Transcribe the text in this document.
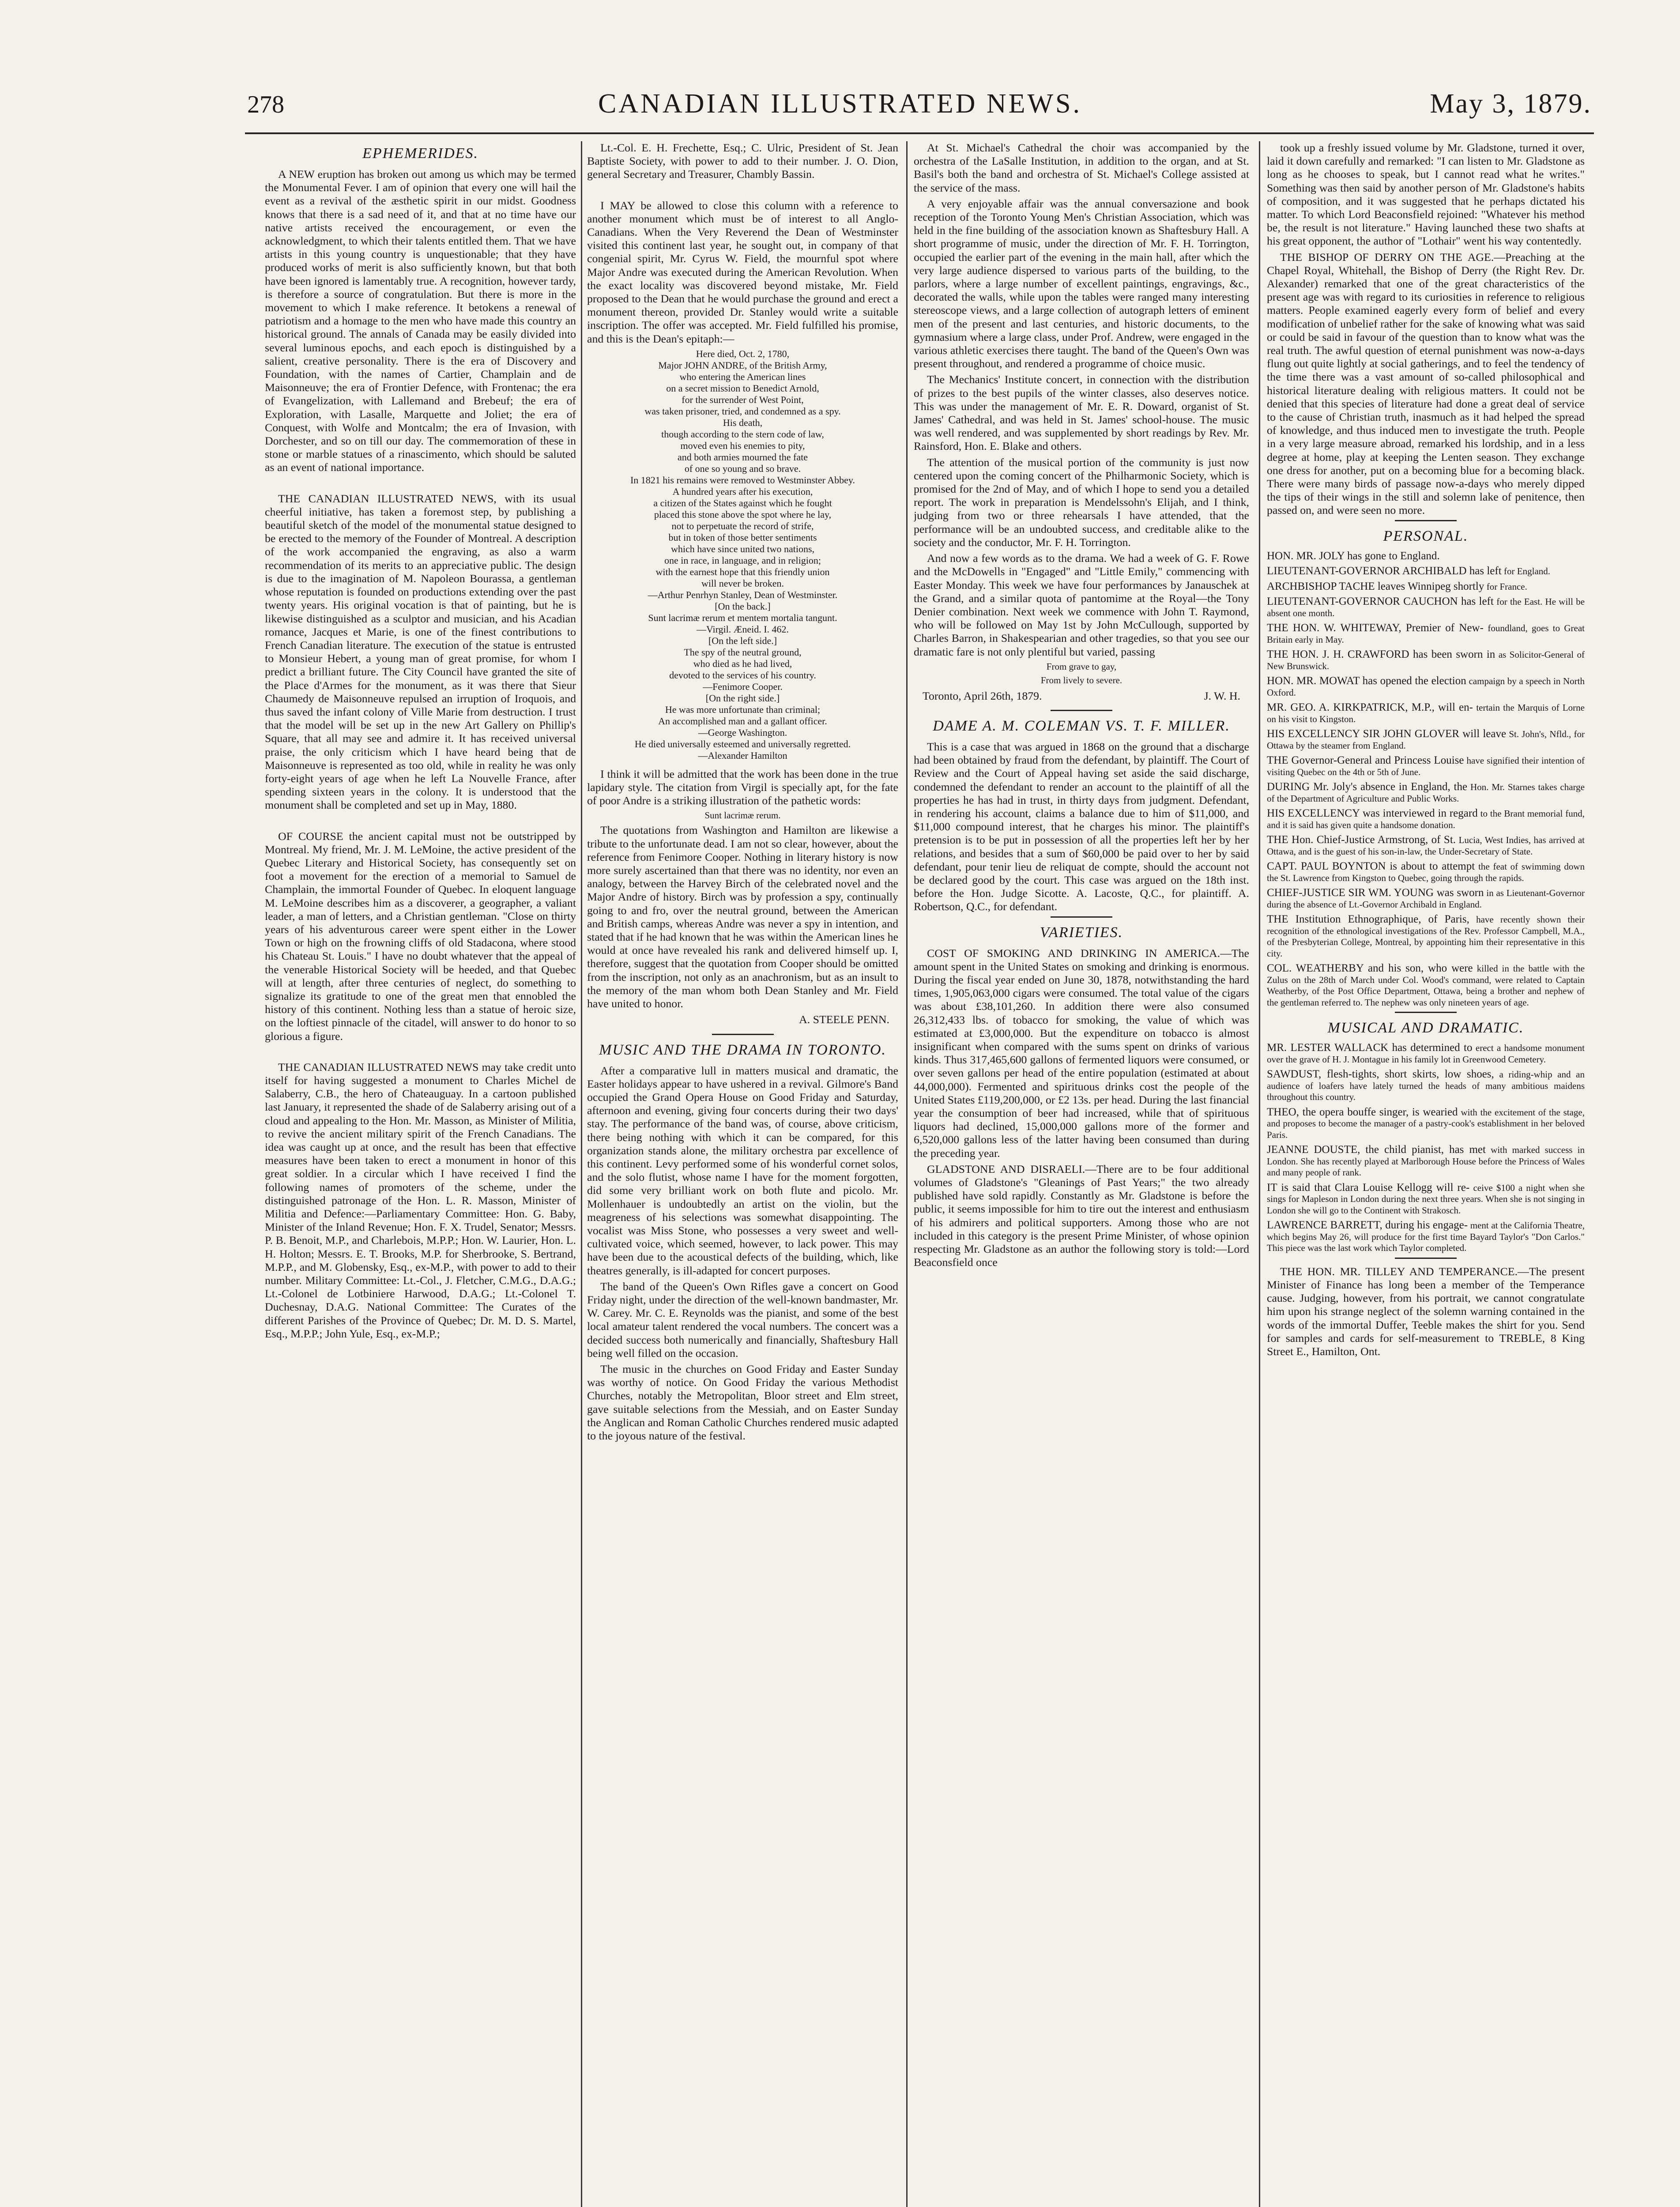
278	CANADIAN ILLUSTRATED NEWS.	May 3, 1879.
EPHEMERIDES.

A NEW eruption has broken out among us which may be termed the Monumental Fever. I am of opinion that every one will hail the event as a revival of the æsthetic spirit in our midst. Goodness knows that there is a sad need of it, and that at no time have our native artists received the encouragement, or even the acknowledgment, to which their talents entitled them. That we have artists in this young country is unquestionable; that they have produced works of merit is also sufficiently known, but that both have been ignored is lamentably true. A recognition, however tardy, is therefore a source of congratulation. But there is more in the movement to which I make reference. It betokens a renewal of patriotism and a homage to the men who have made this country an historical ground. The annals of Canada may be easily divided into several luminous epochs, and each epoch is distinguished by a salient, creative personality. There is the era of Discovery and Foundation, with the names of Cartier, Champlain and de Maisonneuve; the era of Frontier Defence, with Frontenac; the era of Evangelization, with Lallemand and Brebeuf; the era of Exploration, with Lasalle, Marquette and Joliet; the era of Conquest, with Wolfe and Montcalm; the era of Invasion, with Dorchester, and so on till our day. The commemoration of these in stone or marble statues of a rinascimento, which should be saluted as an event of national importance.

THE CANADIAN ILLUSTRATED NEWS, with its usual cheerful initiative, has taken a foremost step, by publishing a beautiful sketch of the model of the monumental statue designed to be erected to the memory of the Founder of Montreal. A description of the work accompanied the engraving, as also a warm recommendation of its merits to an appreciative public. The design is due to the imagination of M. Napoleon Bourassa, a gentleman whose reputation is founded on productions extending over the past twenty years. His original vocation is that of painting, but he is likewise distinguished as a sculptor and musician, and his Acadian romance, Jacques et Marie, is one of the finest contributions to French Canadian literature. The execution of the statue is entrusted to Monsieur Hebert, a young man of great promise, for whom I predict a brilliant future. The City Council have granted the site of the Place d'Armes for the monument, as it was there that Sieur Chaumedy de Maisonneuve repulsed an irruption of Iroquois, and thus saved the infant colony of Ville Marie from destruction. I trust that the model will be set up in the new Art Gallery on Phillip's Square, that all may see and admire it. It has received universal praise, the only criticism which I have heard being that de Maisonneuve is represented as too old, while in reality he was only forty-eight years of age when he left La Nouvelle France, after spending sixteen years in the colony. It is understood that the monument shall be completed and set up in May, 1880.

OF COURSE the ancient capital must not be outstripped by Montreal. My friend, Mr. J. M. LeMoine, the active president of the Quebec Literary and Historical Society, has consequently set on foot a movement for the erection of a memorial to Samuel de Champlain, the immortal Founder of Quebec. In eloquent language M. LeMoine describes him as a discoverer, a geographer, a valiant leader, a man of letters, and a Christian gentleman. "Close on thirty years of his adventurous career were spent either in the Lower Town or high on the frowning cliffs of old Stadacona, where stood his Chateau St. Louis." I have no doubt whatever that the appeal of the venerable Historical Society will be heeded, and that Quebec will at length, after three centuries of neglect, do something to signalize its gratitude to one of the great men that ennobled the history of this continent. Nothing less than a statue of heroic size, on the loftiest pinnacle of the citadel, will answer to do honor to so glorious a figure.

THE CANADIAN ILLUSTRATED NEWS may take credit unto itself for having suggested a monument to Charles Michel de Salaberry, C.B., the hero of Chateauguay. In a cartoon published last January, it represented the shade of de Salaberry arising out of a cloud and appealing to the Hon. Mr. Masson, as Minister of Militia, to revive the ancient military spirit of the French Canadians. The idea was caught up at once, and the result has been that effective measures have been taken to erect a monument in honor of this great soldier. In a circular which I have received I find the following names of promoters of the scheme, under the distinguished patronage of the Hon. L. R. Masson, Minister of Militia and Defence:—Parliamentary Committee: Hon. G. Baby, Minister of the Inland Revenue; Hon. F. X. Trudel, Senator; Messrs. P. B. Benoit, M.P., and Charlebois, M.P.P.; Hon. W. Laurier, Hon. L. H. Holton; Messrs. E. T. Brooks, M.P. for Sherbrooke, S. Bertrand, M.P.P., and M. Globensky, Esq., ex-M.P., with power to add to their number. Military Committee: Lt.-Col., J. Fletcher, C.M.G., D.A.G.; Lt.-Colonel de Lotbiniere Harwood, D.A.G.; Lt.-Colonel T. Duchesnay, D.A.G. National Committee: The Curates of the different Parishes of the Province of Quebec; Dr. M. D. S. Martel, Esq., M.P.P.; John Yule, Esq., ex-M.P.;

Lt.-Col. E. H. Frechette, Esq.; C. Ulric, President of St. Jean Baptiste Society, with power to add to their number. J. O. Dion, general Secretary and Treasurer, Chambly Bassin.

I MAY be allowed to close this column with a reference to another monument which must be of interest to all Anglo-Canadians. When the Very Reverend the Dean of Westminster visited this continent last year, he sought out, in company of that congenial spirit, Mr. Cyrus W. Field, the mournful spot where Major Andre was executed during the American Revolution. When the exact locality was discovered beyond mistake, Mr. Field proposed to the Dean that he would purchase the ground and erect a monument thereon, provided Dr. Stanley would write a suitable inscription. The offer was accepted. Mr. Field fulfilled his promise, and this is the Dean's epitaph:—

Here died, Oct. 2, 1780,

Major JOHN ANDRE, of the British Army,

who entering the American lines

on a secret mission to Benedict Arnold,

for the surrender of West Point,

was taken prisoner, tried, and condemned as a spy.

His death,

though according to the stern code of law,

moved even his enemies to pity,

and both armies mourned the fate

of one so young and so brave.

In 1821 his remains were removed to Westminster Abbey.

A hundred years after his execution,

a citizen of the States against which he fought

placed this stone above the spot where he lay,

not to perpetuate the record of strife,

but in token of those better sentiments

which have since united two nations,

one in race, in language, and in religion;

with the earnest hope that this friendly union

will never be broken.

—Arthur Penrhyn Stanley, Dean of Westminster.

[On the back.]

Sunt lacrimæ rerum et mentem mortalia tangunt.

—Virgil. Æneid. I. 462.

[On the left side.]

The spy of the neutral ground,

who died as he had lived,

devoted to the services of his country.

—Fenimore Cooper.

[On the right side.]

He was more unfortunate than criminal;

An accomplished man and a gallant officer.

—George Washington.

He died universally esteemed and universally regretted.

—Alexander Hamilton

I think it will be admitted that the work has been done in the true lapidary style. The citation from Virgil is specially apt, for the fate of poor Andre is a striking illustration of the pathetic words:

Sunt lacrimæ rerum.

The quotations from Washington and Hamilton are likewise a tribute to the unfortunate dead. I am not so clear, however, about the reference from Fenimore Cooper. Nothing in literary history is now more surely ascertained than that there was no identity, nor even an analogy, between the Harvey Birch of the celebrated novel and the Major Andre of history. Birch was by profession a spy, continually going to and fro, over the neutral ground, between the American and British camps, whereas Andre was never a spy in intention, and stated that if he had known that he was within the American lines he would at once have revealed his rank and delivered himself up. I, therefore, suggest that the quotation from Cooper should be omitted from the inscription, not only as an anachronism, but as an insult to the memory of the man whom both Dean Stanley and Mr. Field have united to honor.

A. STEELE PENN.
MUSIC AND THE DRAMA IN TORONTO.

After a comparative lull in matters musical and dramatic, the Easter holidays appear to have ushered in a revival. Gilmore's Band occupied the Grand Opera House on Good Friday and Saturday, afternoon and evening, giving four concerts during their two days' stay. The performance of the band was, of course, above criticism, there being nothing with which it can be compared, for this organization stands alone, the military orchestra par excellence of this continent. Levy performed some of his wonderful cornet solos, and the solo flutist, whose name I have for the moment forgotten, did some very brilliant work on both flute and picolo. Mr. Mollenhauer is undoubtedly an artist on the violin, but the meagreness of his selections was somewhat disappointing. The vocalist was Miss Stone, who possesses a very sweet and well-cultivated voice, which seemed, however, to lack power. This may have been due to the acoustical defects of the building, which, like theatres generally, is ill-adapted for concert purposes.

The band of the Queen's Own Rifles gave a concert on Good Friday night, under the direction of the well-known bandmaster, Mr. W. Carey. Mr. C. E. Reynolds was the pianist, and some of the best local amateur talent rendered the vocal numbers. The concert was a decided success both numerically and financially, Shaftesbury Hall being well filled on the occasion.

The music in the churches on Good Friday and Easter Sunday was worthy of notice. On Good Friday the various Methodist Churches, notably the Metropolitan, Bloor street and Elm street, gave suitable selections from the Messiah, and on Easter Sunday the Anglican and Roman Catholic Churches rendered music adapted to the joyous nature of the festival.

At St. Michael's Cathedral the choir was accompanied by the orchestra of the LaSalle Institution, in addition to the organ, and at St. Basil's both the band and orchestra of St. Michael's College assisted at the service of the mass.

A very enjoyable affair was the annual conversazione and book reception of the Toronto Young Men's Christian Association, which was held in the fine building of the association known as Shaftesbury Hall. A short programme of music, under the direction of Mr. F. H. Torrington, occupied the earlier part of the evening in the main hall, after which the very large audience dispersed to various parts of the building, to the parlors, where a large number of excellent paintings, engravings, &c., decorated the walls, while upon the tables were ranged many interesting stereoscope views, and a large collection of autograph letters of eminent men of the present and last centuries, and historic documents, to the gymnasium where a large class, under Prof. Andrew, were engaged in the various athletic exercises there taught. The band of the Queen's Own was present throughout, and rendered a programme of choice music.

The Mechanics' Institute concert, in connection with the distribution of prizes to the best pupils of the winter classes, also deserves notice. This was under the management of Mr. E. R. Doward, organist of St. James' Cathedral, and was held in St. James' school-house. The music was well rendered, and was supplemented by short readings by Rev. Mr. Rainsford, Hon. E. Blake and others.

The attention of the musical portion of the community is just now centered upon the coming concert of the Philharmonic Society, which is promised for the 2nd of May, and of which I hope to send you a detailed report. The work in preparation is Mendelssohn's Elijah, and I think, judging from two or three rehearsals I have attended, that the performance will be an undoubted success, and creditable alike to the society and the conductor, Mr. F. H. Torrington.

And now a few words as to the drama. We had a week of G. F. Rowe and the McDowells in "Engaged" and "Little Emily," commencing with Easter Monday. This week we have four performances by Janauschek at the Grand, and a similar quota of pantomime at the Royal—the Tony Denier combination. Next week we commence with John T. Raymond, who will be followed on May 1st by John McCullough, supported by Charles Barron, in Shakespearian and other tragedies, so that you see our dramatic fare is not only plentiful but varied, passing

From grave to gay,
From lively to severe.
Toronto, April 26th, 1879.	J. W. H.
DAME A. M. COLEMAN VS. T. F. MILLER.

This is a case that was argued in 1868 on the ground that a discharge had been obtained by fraud from the defendant, by plaintiff. The Court of Review and the Court of Appeal having set aside the said discharge, condemned the defendant to render an account to the plaintiff of all the properties he has had in trust, in thirty days from judgment. Defendant, in rendering his account, claims a balance due to him of $11,000, and $11,000 compound interest, that he charges his minor. The plaintiff's pretension is to be put in possession of all the properties left her by her relations, and besides that a sum of $60,000 be paid over to her by said defendant, pour tenir lieu de reliquat de compte, should the account not be declared good by the court. This case was argued on the 18th inst. before the Hon. Judge Sicotte. A. Lacoste, Q.C., for plaintiff. A. Robertson, Q.C., for defendant.

VARIETIES.

COST OF SMOKING AND DRINKING IN AMERICA.—The amount spent in the United States on smoking and drinking is enormous. During the fiscal year ended on June 30, 1878, notwithstanding the hard times, 1,905,063,000 cigars were consumed. The total value of the cigars was about £38,101,260. In addition there were also consumed 26,312,433 lbs. of tobacco for smoking, the value of which was estimated at £3,000,000. But the expenditure on tobacco is almost insignificant when compared with the sums spent on drinks of various kinds. Thus 317,465,600 gallons of fermented liquors were consumed, or over seven gallons per head of the entire population (estimated at about 44,000,000). Fermented and spirituous drinks cost the people of the United States £119,200,000, or £2 13s. per head. During the last financial year the consumption of beer had increased, while that of spirituous liquors had declined, 15,000,000 gallons more of the former and 6,520,000 gallons less of the latter having been consumed than during the preceding year.

GLADSTONE AND DISRAELI.—There are to be four additional volumes of Gladstone's "Gleanings of Past Years;" the two already published have sold rapidly. Constantly as Mr. Gladstone is before the public, it seems impossible for him to tire out the interest and enthusiasm of his admirers and political supporters. Among those who are not included in this category is the present Prime Minister, of whose opinion respecting Mr. Gladstone as an author the following story is told:—Lord Beaconsfield once

took up a freshly issued volume by Mr. Gladstone, turned it over, laid it down carefully and remarked: "I can listen to Mr. Gladstone as long as he chooses to speak, but I cannot read what he writes." Something was then said by another person of Mr. Gladstone's habits of composition, and it was suggested that he perhaps dictated his matter. To which Lord Beaconsfield rejoined: "Whatever his method be, the result is not literature." Having launched these two shafts at his great opponent, the author of "Lothair" went his way contentedly.

THE BISHOP OF DERRY ON THE AGE.—Preaching at the Chapel Royal, Whitehall, the Bishop of Derry (the Right Rev. Dr. Alexander) remarked that one of the great characteristics of the present age was with regard to its curiosities in reference to religious matters. People examined eagerly every form of belief and every modification of unbelief rather for the sake of knowing what was said or could be said in favour of the question than to know what was the real truth. The awful question of eternal punishment was now-a-days flung out quite lightly at social gatherings, and to feel the tendency of the time there was a vast amount of so-called philosophical and historical literature dealing with religious matters. It could not be denied that this species of literature had done a great deal of service to the cause of Christian truth, inasmuch as it had helped the spread of knowledge, and thus induced men to investigate the truth. People in a very large measure abroad, remarked his lordship, and in a less degree at home, play at keeping the Lenten season. They exchange one dress for another, put on a becoming blue for a becoming black. There were many birds of passage now-a-days who merely dipped the tips of their wings in the still and solemn lake of penitence, then passed on, and were seen no more.

PERSONAL.
HON. MR. JOLY has gone to England.
LIEUTENANT-GOVERNOR ARCHIBALD has left for England.
ARCHBISHOP TACHE leaves Winnipeg shortly for France.
LIEUTENANT-GOVERNOR CAUCHON has left for the East. He will be absent one month.
THE HON. W. WHITEWAY, Premier of New- foundland, goes to Great Britain early in May.
THE HON. J. H. CRAWFORD has been sworn in as Solicitor-General of New Brunswick.
HON. MR. MOWAT has opened the election campaign by a speech in North Oxford.
MR. GEO. A. KIRKPATRICK, M.P., will en- tertain the Marquis of Lorne on his visit to Kingston.
HIS EXCELLENCY SIR JOHN GLOVER will leave St. John's, Nfld., for Ottawa by the steamer from England.
THE Governor-General and Princess Louise have signified their intention of visiting Quebec on the 4th or 5th of June.
DURING Mr. Joly's absence in England, the Hon. Mr. Starnes takes charge of the Department of Agriculture and Public Works.
HIS EXCELLENCY was interviewed in regard to the Brant memorial fund, and it is said has given quite a handsome donation.
THE Hon. Chief-Justice Armstrong, of St. Lucia, West Indies, has arrived at Ottawa, and is the guest of his son-in-law, the Under-Secretary of State.
CAPT. PAUL BOYNTON is about to attempt the feat of swimming down the St. Lawrence from Kingston to Quebec, going through the rapids.
CHIEF-JUSTICE SIR WM. YOUNG was sworn in as Lieutenant-Governor during the absence of Lt.-Governor Archibald in England.
THE Institution Ethnographique, of Paris, have recently shown their recognition of the ethnological investigations of the Rev. Professor Campbell, M.A., of the Presbyterian College, Montreal, by appointing him their representative in this city.
COL. WEATHERBY and his son, who were killed in the battle with the Zulus on the 28th of March under Col. Wood's command, were related to Captain Weatherby, of the Post Office Department, Ottawa, being a brother and nephew of the gentleman referred to. The nephew was only nineteen years of age.
MUSICAL AND DRAMATIC.
MR. LESTER WALLACK has determined to erect a handsome monument over the grave of H. J. Montague in his family lot in Greenwood Cemetery.
SAWDUST, flesh-tights, short skirts, low shoes, a riding-whip and an audience of loafers have lately turned the heads of many ambitious maidens throughout this country.
THEO, the opera bouffe singer, is wearied with the excitement of the stage, and proposes to become the manager of a pastry-cook's establishment in her beloved Paris.
JEANNE DOUSTE, the child pianist, has met with marked success in London. She has recently played at Marlborough House before the Princess of Wales and many people of rank.
IT is said that Clara Louise Kellogg will re- ceive $100 a night when she sings for Mapleson in London during the next three years. When she is not singing in London she will go to the Continent with Strakosch.
LAWRENCE BARRETT, during his engage- ment at the California Theatre, which begins May 26, will produce for the first time Bayard Taylor's "Don Carlos." This piece was the last work which Taylor completed.

THE HON. MR. TILLEY AND TEMPERANCE.—The present Minister of Finance has long been a member of the Temperance cause. Judging, however, from his portrait, we cannot congratulate him upon his strange neglect of the solemn warning contained in the words of the immortal Duffer, Teeble makes the shirt for you. Send for samples and cards for self-measurement to TREBLE, 8 King Street E., Hamilton, Ont.
